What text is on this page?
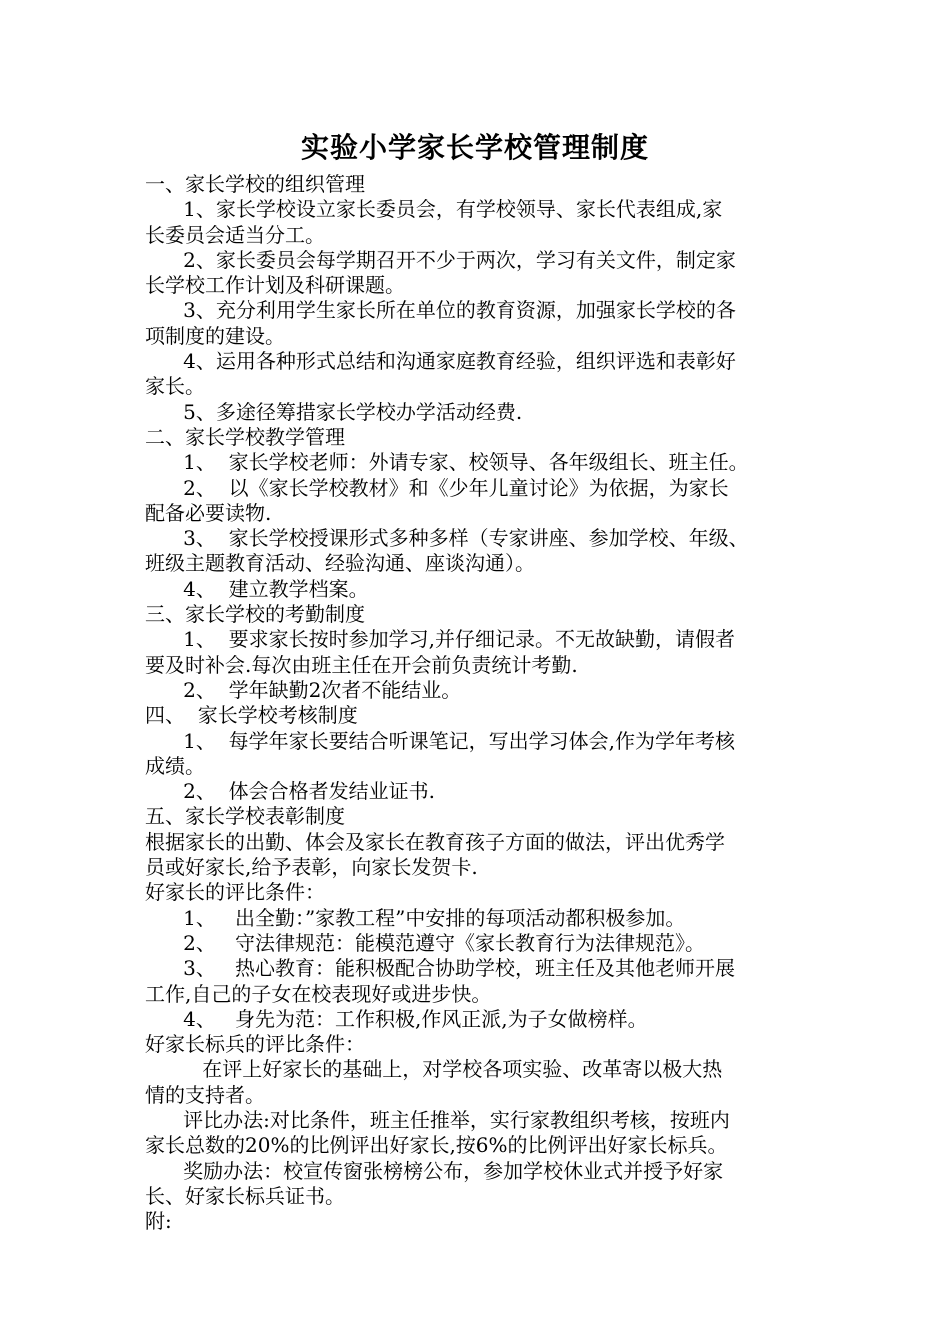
实验小学家长学校管理制度
一、家长学校的组织管理
1、家长学校设立家长委员会，有学校领导、家长代表组成,家
长委员会适当分工。
2、家长委员会每学期召开不少于两次，学习有关文件，制定家
长学校工作计划及科研课题。
3、充分利用学生家长所在单位的教育资源，加强家长学校的各
项制度的建设。
4、运用各种形式总结和沟通家庭教育经验，组织评选和表彰好
家长。
5、多途径筹措家长学校办学活动经费.
二、家长学校教学管理
1、  家长学校老师：外请专家、校领导、各年级组长、班主任。
2、  以《家长学校教材》和《少年儿童讨论》为依据，为家长
配备必要读物.
3、  家长学校授课形式多种多样（专家讲座、参加学校、年级、
班级主题教育活动、经验沟通、座谈沟通）。
4、  建立教学档案。
三、家长学校的考勤制度
1、  要求家长按时参加学习,并仔细记录。不无故缺勤，请假者
要及时补会.每次由班主任在开会前负责统计考勤.
2、  学年缺勤2次者不能结业。
四、  家长学校考核制度
1、  每学年家长要结合听课笔记，写出学习体会,作为学年考核
成绩。
2、  体会合格者发结业证书.
五、家长学校表彰制度
根据家长的出勤、体会及家长在教育孩子方面的做法，评出优秀学
员或好家长,给予表彰，向家长发贺卡.
好家长的评比条件：
1、   出全勤：”家教工程”中安排的每项活动都积极参加。
2、   守法律规范：能模范遵守《家长教育行为法律规范》。
3、   热心教育：能积极配合协助学校，班主任及其他老师开展
工作,自己的子女在校表现好或进步快。
4、   身先为范：工作积极,作风正派,为子女做榜样。
好家长标兵的评比条件：
在评上好家长的基础上，对学校各项实验、改革寄以极大热
情的支持者。
评比办法:对比条件，班主任推举，实行家教组织考核，按班内
家长总数的20%的比例评出好家长,按6%的比例评出好家长标兵。
奖励办法：校宣传窗张榜榜公布，参加学校休业式并授予好家
长、好家长标兵证书。
附:
